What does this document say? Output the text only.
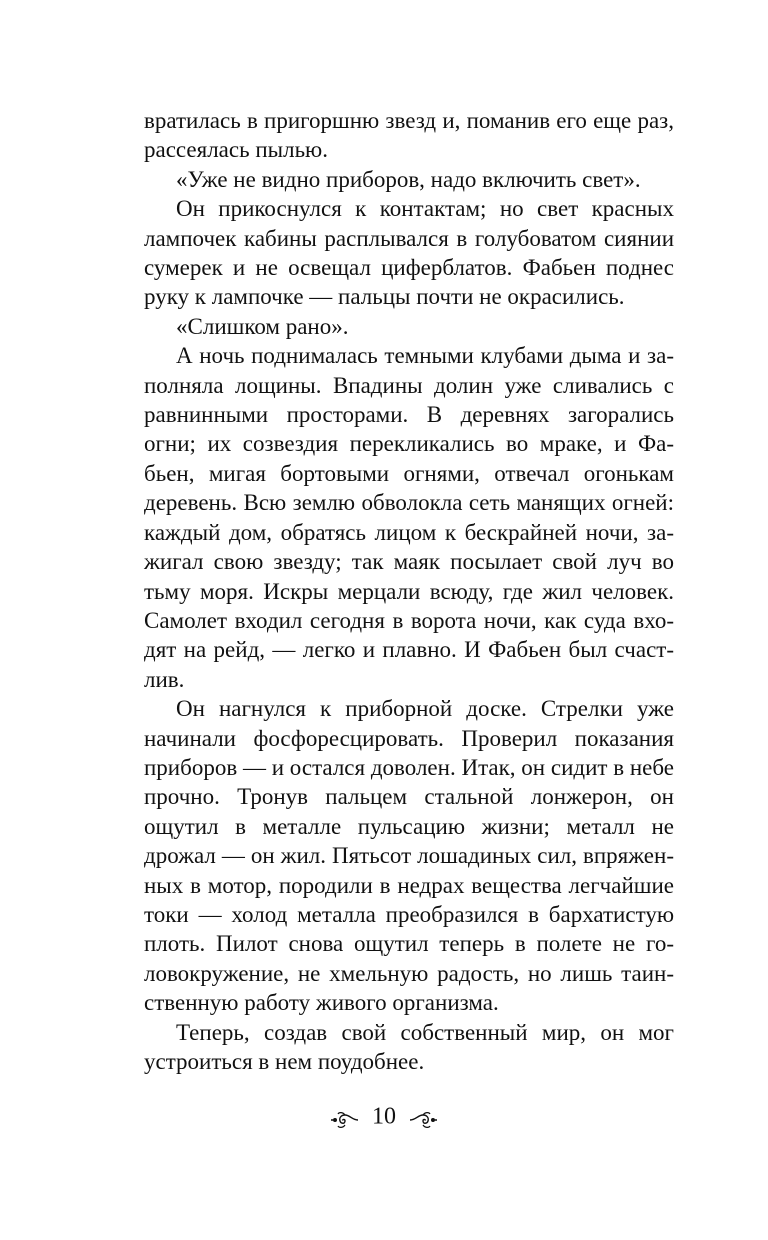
вратилась в пригоршню звезд и, поманив его еще раз, рассеялась пылью.

«Уже не видно приборов, надо включить свет».

Он прикоснулся к контактам; но свет красных лампочек кабины расплывался в голубоватом сиянии сумерек и не освещал циферблатов. Фабьен поднес руку к лампочке — пальцы почти не окрасились.

«Слишком рано».

А ночь поднималась темными клубами дыма и заполняла лощины. Впадины долин уже сливались с равнинными просторами. В деревнях загорались огни; их созвездия перекликались во мраке, и Фабьен, мигая бортовыми огнями, отвечал огонькам деревень. Всю землю обволокла сеть манящих огней: каждый дом, обратясь лицом к бескрайней ночи, зажигал свою звезду; так маяк посылает свой луч во тьму моря. Искры мерцали всюду, где жил человек. Самолет входил сегодня в ворота ночи, как суда входят на рейд, — легко и плавно. И Фабьен был счастлив.

Он нагнулся к приборной доске. Стрелки уже начинали фосфоресцировать. Проверил показания приборов — и остался доволен. Итак, он сидит в небе прочно. Тронув пальцем стальной лонжерон, он ощутил в металле пульсацию жизни; металл не дрожал — он жил. Пятьсот лошадиных сил, впряженных в мотор, породили в недрах вещества легчайшие токи — холод металла преобразился в бархатистую плоть. Пилот снова ощутил теперь в полете не головокружение, не хмельную радость, но лишь таинственную работу живого организма.

Теперь, создав свой собственный мир, он мог устроиться в нем поудобнее.

10
